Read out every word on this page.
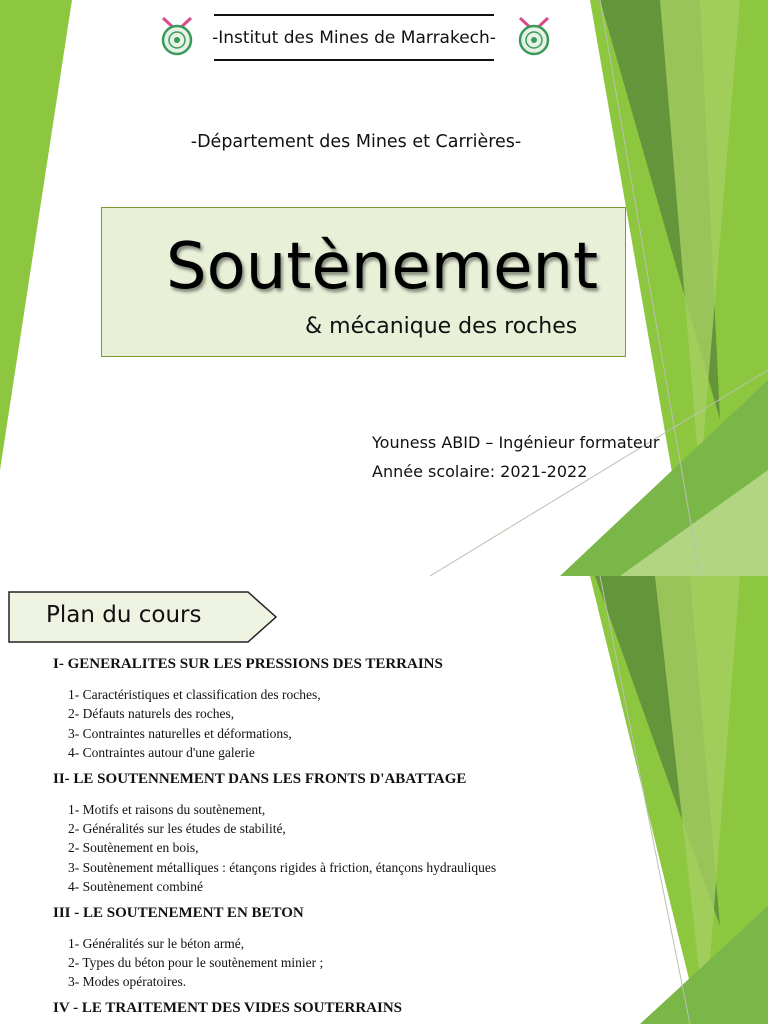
-Institut des Mines de Marrakech-
-Département des Mines et Carrières-
Soutènement
& mécanique des roches
Youness ABID – Ingénieur formateur
Année scolaire: 2021-2022
Plan du cours
I- GENERALITES SUR LES PRESSIONS DES TERRAINS
1- Caractéristiques et classification des roches,
2- Défauts naturels des roches,
3- Contraintes naturelles et déformations,
4- Contraintes autour d'une galerie
II- LE SOUTENNEMENT DANS LES FRONTS D'ABATTAGE
1- Motifs et raisons du soutènement,
2- Généralités sur les études de stabilité,
2- Soutènement en bois,
3- Soutènement métalliques : étançons rigides à friction, étançons hydrauliques
4- Soutènement combiné
III - LE SOUTENEMENT EN BETON
1- Généralités sur le béton armé,
2- Types du béton pour le soutènement minier ;
3- Modes opératoires.
IV - LE TRAITEMENT DES VIDES SOUTERRAINS
